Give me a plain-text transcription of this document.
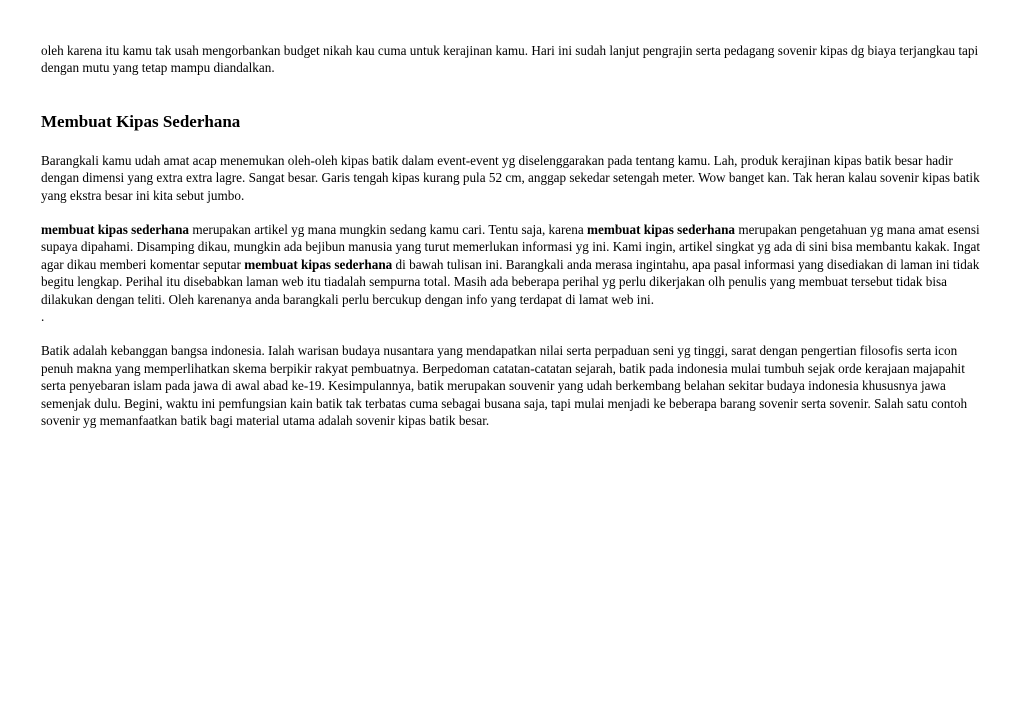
oleh karena itu kamu tak usah mengorbankan budget nikah kau cuma untuk kerajinan kamu. Hari ini sudah lanjut pengrajin serta pedagang sovenir kipas dg biaya terjangkau tapi dengan mutu yang tetap mampu diandalkan.

Membuat Kipas Sederhana

Barangkali kamu udah amat acap menemukan oleh-oleh kipas batik dalam event-event yg diselenggarakan pada tentang kamu. Lah, produk kerajinan kipas batik besar hadir dengan dimensi yang extra extra lagre. Sangat besar. Garis tengah kipas kurang pula 52 cm, anggap sekedar setengah meter. Wow banget kan. Tak heran kalau sovenir kipas batik yang ekstra besar ini kita sebut jumbo.

membuat kipas sederhana merupakan artikel yg mana mungkin sedang kamu cari. Tentu saja, karena membuat kipas sederhana merupakan pengetahuan yg mana amat esensi supaya dipahami. Disamping dikau, mungkin ada bejibun manusia yang turut memerlukan informasi yg ini. Kami ingin, artikel singkat yg ada di sini bisa membantu kakak. Ingat agar dikau memberi komentar seputar membuat kipas sederhana di bawah tulisan ini. Barangkali anda merasa ingintahu, apa pasal informasi yang disediakan di laman ini tidak begitu lengkap. Perihal itu disebabkan laman web itu tiadalah sempurna total. Masih ada beberapa perihal yg perlu dikerjakan olh penulis yang membuat tersebut tidak bisa dilakukan dengan teliti. Oleh karenanya anda barangkali perlu bercukup dengan info yang terdapat di lamat web ini.

.

Batik adalah kebanggan bangsa indonesia. Ialah warisan budaya nusantara yang mendapatkan nilai serta perpaduan seni yg tinggi, sarat dengan pengertian filosofis serta icon penuh makna yang memperlihatkan skema berpikir rakyat pembuatnya. Berpedoman catatan-catatan sejarah, batik pada indonesia mulai tumbuh sejak orde kerajaan majapahit serta penyebaran islam pada jawa di awal abad ke-19. Kesimpulannya, batik merupakan souvenir yang udah berkembang belahan sekitar budaya indonesia khususnya jawa semenjak dulu. Begini, waktu ini pemfungsian kain batik tak terbatas cuma sebagai busana saja, tapi mulai menjadi ke beberapa barang sovenir serta sovenir. Salah satu contoh sovenir yg memanfaatkan batik bagi material utama adalah sovenir kipas batik besar.
